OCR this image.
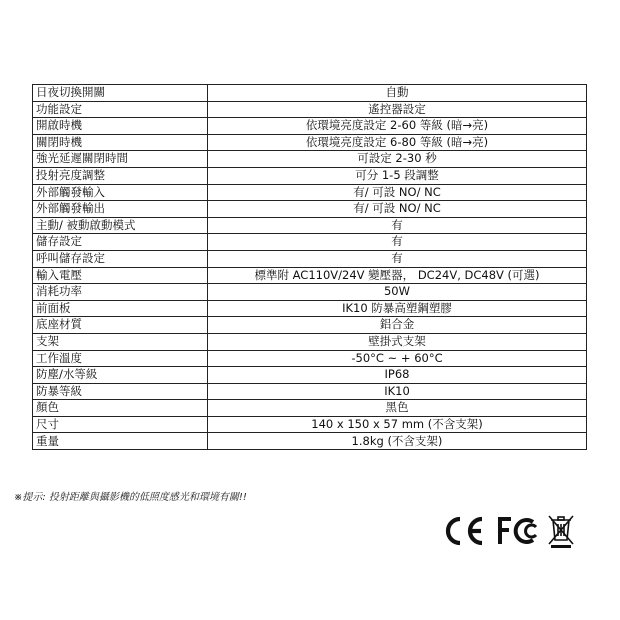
日夜切換開關	自動
功能設定	遙控器設定
開啟時機	依環境亮度設定 2-60 等級 (暗→亮)
關閉時機	依環境亮度設定 6-80 等級 (暗→亮)
強光延遲關閉時間	可設定 2-30 秒
投射亮度調整	可分 1-5 段調整
外部觸發輸入	有/ 可設 NO/ NC
外部觸發輸出	有/ 可設 NO/ NC
主動/ 被動啟動模式	有
儲存設定	有
呼叫儲存設定	有
輸入電壓	標準附 AC110V/24V 變壓器， DC24V, DC48V (可選)
消耗功率	50W
前面板	IK10 防暴高塑鋼塑膠
底座材質	鋁合金
支架	壁掛式支架
工作溫度	-50°C ~ + 60°C
防塵/水等級	IP68
防暴等級	IK10
顏色	黑色
尺寸	140 x 150 x 57 mm (不含支架)
重量	1.8kg (不含支架)
※提示: 投射距離與攝影機的低照度感光和環境有關!!
